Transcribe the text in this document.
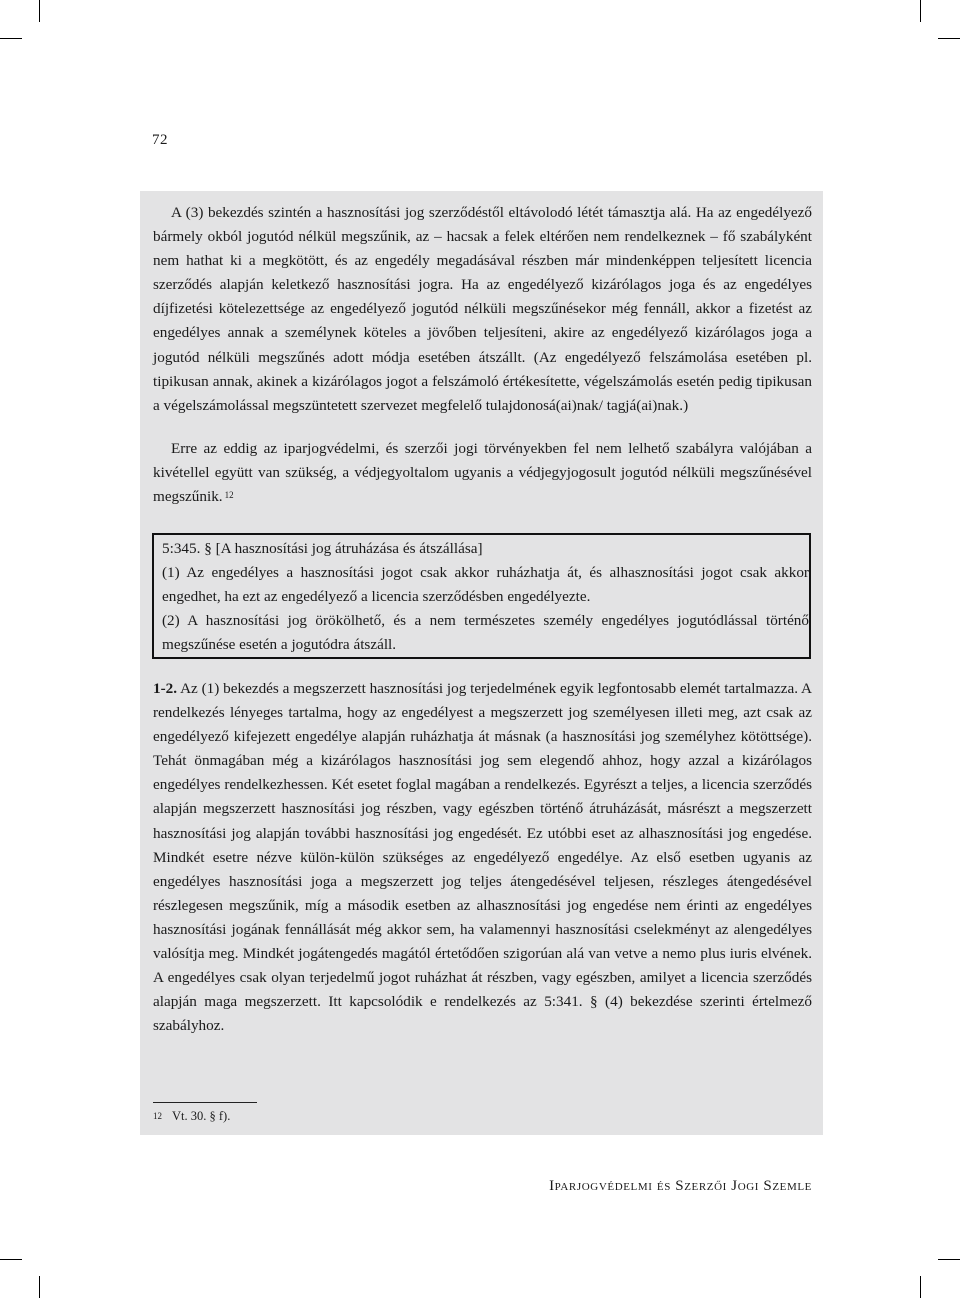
72

A (3) bekezdés szintén a hasznosítási jog szerződéstől eltávolodó létét támasztja alá. Ha az engedélyező bármely okból jogutód nélkül megszűnik, az – hacsak a felek eltérően nem rendelkeznek – fő szabályként nem hathat ki a megkötött, és az engedély megadásával részben már mindenképpen teljesített licencia szerződés alapján keletkező hasznosítási jogra. Ha az engedélyező kizárólagos joga és az engedélyes díjfizetési kötelezettsége az engedélyező jogutód nélküli megszűnésekor még fennáll, akkor a fizetést az engedélyes annak a személynek köteles a jövőben teljesíteni, akire az engedélyező kizárólagos joga a jogutód nélküli megszűnés adott módja esetében átszállt. (Az engedélyező felszámolása esetében pl. tipikusan annak, akinek a kizárólagos jogot a felszámoló értékesítette, végelszámolás esetén pedig tipikusan a végelszámolással megszüntetett szervezet megfelelő tulajdonosá(ai)nak/ tagjá(ai)nak.)

Erre az eddig az iparjogvédelmi, és szerzői jogi törvényekben fel nem lelhető szabályra valójában a kivétellel együtt van szükség, a védjegyoltalom ugyanis a védjegyjogosult jogutód nélküli megszűnésével megszűnik. $^{12}$

5:345. § [A hasznosítási jog átruházása és átszállása]
(1) Az engedélyes a hasznosítási jogot csak akkor ruházhatja át, és alhasznosítási jogot csak akkor engedhet, ha ezt az engedélyező a licencia szerződésben engedélyezte.
(2) A hasznosítási jog örökölhető, és a nem természetes személy engedélyes jogutódlással történő megszűnése esetén a jogutódra átszáll.

1-2. Az (1) bekezdés a megszerzett hasznosítási jog terjedelmének egyik legfontosabb elemét tartalmazza. A rendelkezés lényeges tartalma, hogy az engedélyest a megszerzett jog személyesen illeti meg, azt csak az engedélyező kifejezett engedélye alapján ruházhatja át másnak (a hasznosítási jog személyhez kötöttsége). Tehát önmagában még a kizárólagos hasznosítási jog sem elegendő ahhoz, hogy azzal a kizárólagos engedélyes rendelkezhessen. Két esetet foglal magában a rendelkezés. Egyrészt a teljes, a licencia szerződés alapján megszerzett hasznosítási jog részben, vagy egészben történő átruházását, másrészt a megszerzett hasznosítási jog alapján további hasznosítási jog engedését. Ez utóbbi eset az alhasznosítási jog engedése. Mindkét esetre nézve külön-külön szükséges az engedélyező engedélye. Az első esetben ugyanis az engedélyes hasznosítási joga a megszerzett jog teljes átengedésével teljesen, részleges átengedésével részlegesen megszűnik, míg a második esetben az alhasznosítási jog engedése nem érinti az engedélyes hasznosítási jogának fennállását még akkor sem, ha valamennyi hasznosítási cselekményt az alengedélyes valósítja meg. Mindkét jogátengedés magától értetődően szigorúan alá van vetve a nemo plus iuris elvének. A engedélyes csak olyan terjedelmű jogot ruházhat át részben, vagy egészben, amilyet a licencia szerződés alapján maga megszerzett. Itt kapcsolódik e rendelkezés az 5:341. § (4) bekezdése szerinti értelmező szabályhoz.

$^{12}$ Vt. 30. § f).
Iparjogvédelmi és Szerzői Jogi Szemle
